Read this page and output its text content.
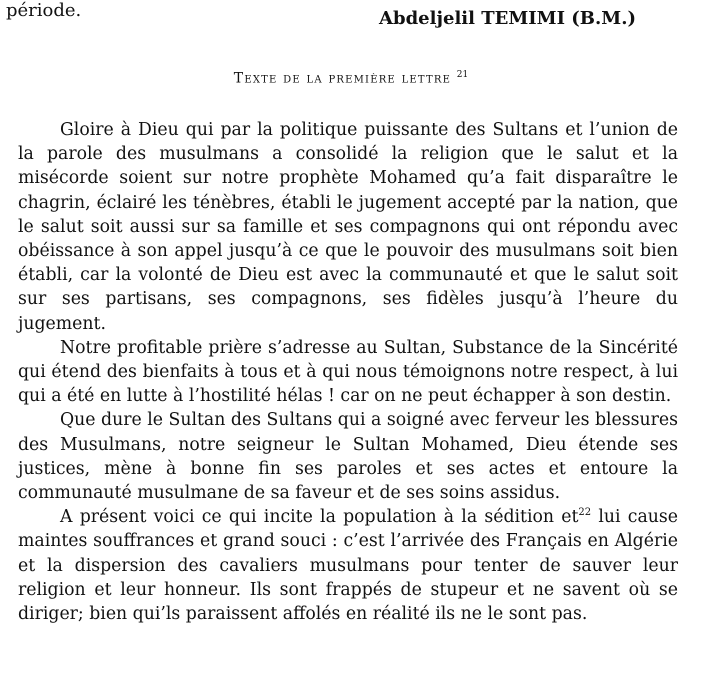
période.	Abdeljelil TEMIMI (B.M.)
Texte de la première lettre $^{21}$

Gloire à Dieu qui par la politique puissante des Sultans et l’union de la parole des musulmans a consolidé la religion que le salut et la misécorde soient sur notre prophète Mohamed qu’a fait disparaître le chagrin, éclairé les ténèbres, établi le jugement accepté par la nation, que le salut soit aussi sur sa famille et ses compagnons qui ont répondu avec obéissance à son appel jusqu’à ce que le pouvoir des musulmans soit bien établi, car la volonté de Dieu est avec la communauté et que le salut soit sur ses partisans, ses compagnons, ses fidèles jusqu’à l’heure du jugement.

Notre profitable prière s’adresse au Sultan, Substance de la Sincérité qui étend des bienfaits à tous et à qui nous témoignons notre respect, à lui qui a été en lutte à l’hostilité hélas ! car on ne peut échapper à son destin.

Que dure le Sultan des Sultans qui a soigné avec ferveur les blessures des Musulmans, notre seigneur le Sultan Mohamed, Dieu étende ses justices, mène à bonne fin ses paroles et ses actes et entoure la communauté musulmane de sa faveur et de ses soins assidus.

A présent voici ce qui incite la population à la sédition $et^{22}$ lui cause maintes souffrances et grand souci : c’est l’arrivée des Français en Algérie et la dispersion des cavaliers musulmans pour tenter de sauver leur religion et leur honneur. Ils sont frappés de stupeur et ne savent où se diriger; bien qui’ls paraissent affolés en réalité ils ne le sont pas.
